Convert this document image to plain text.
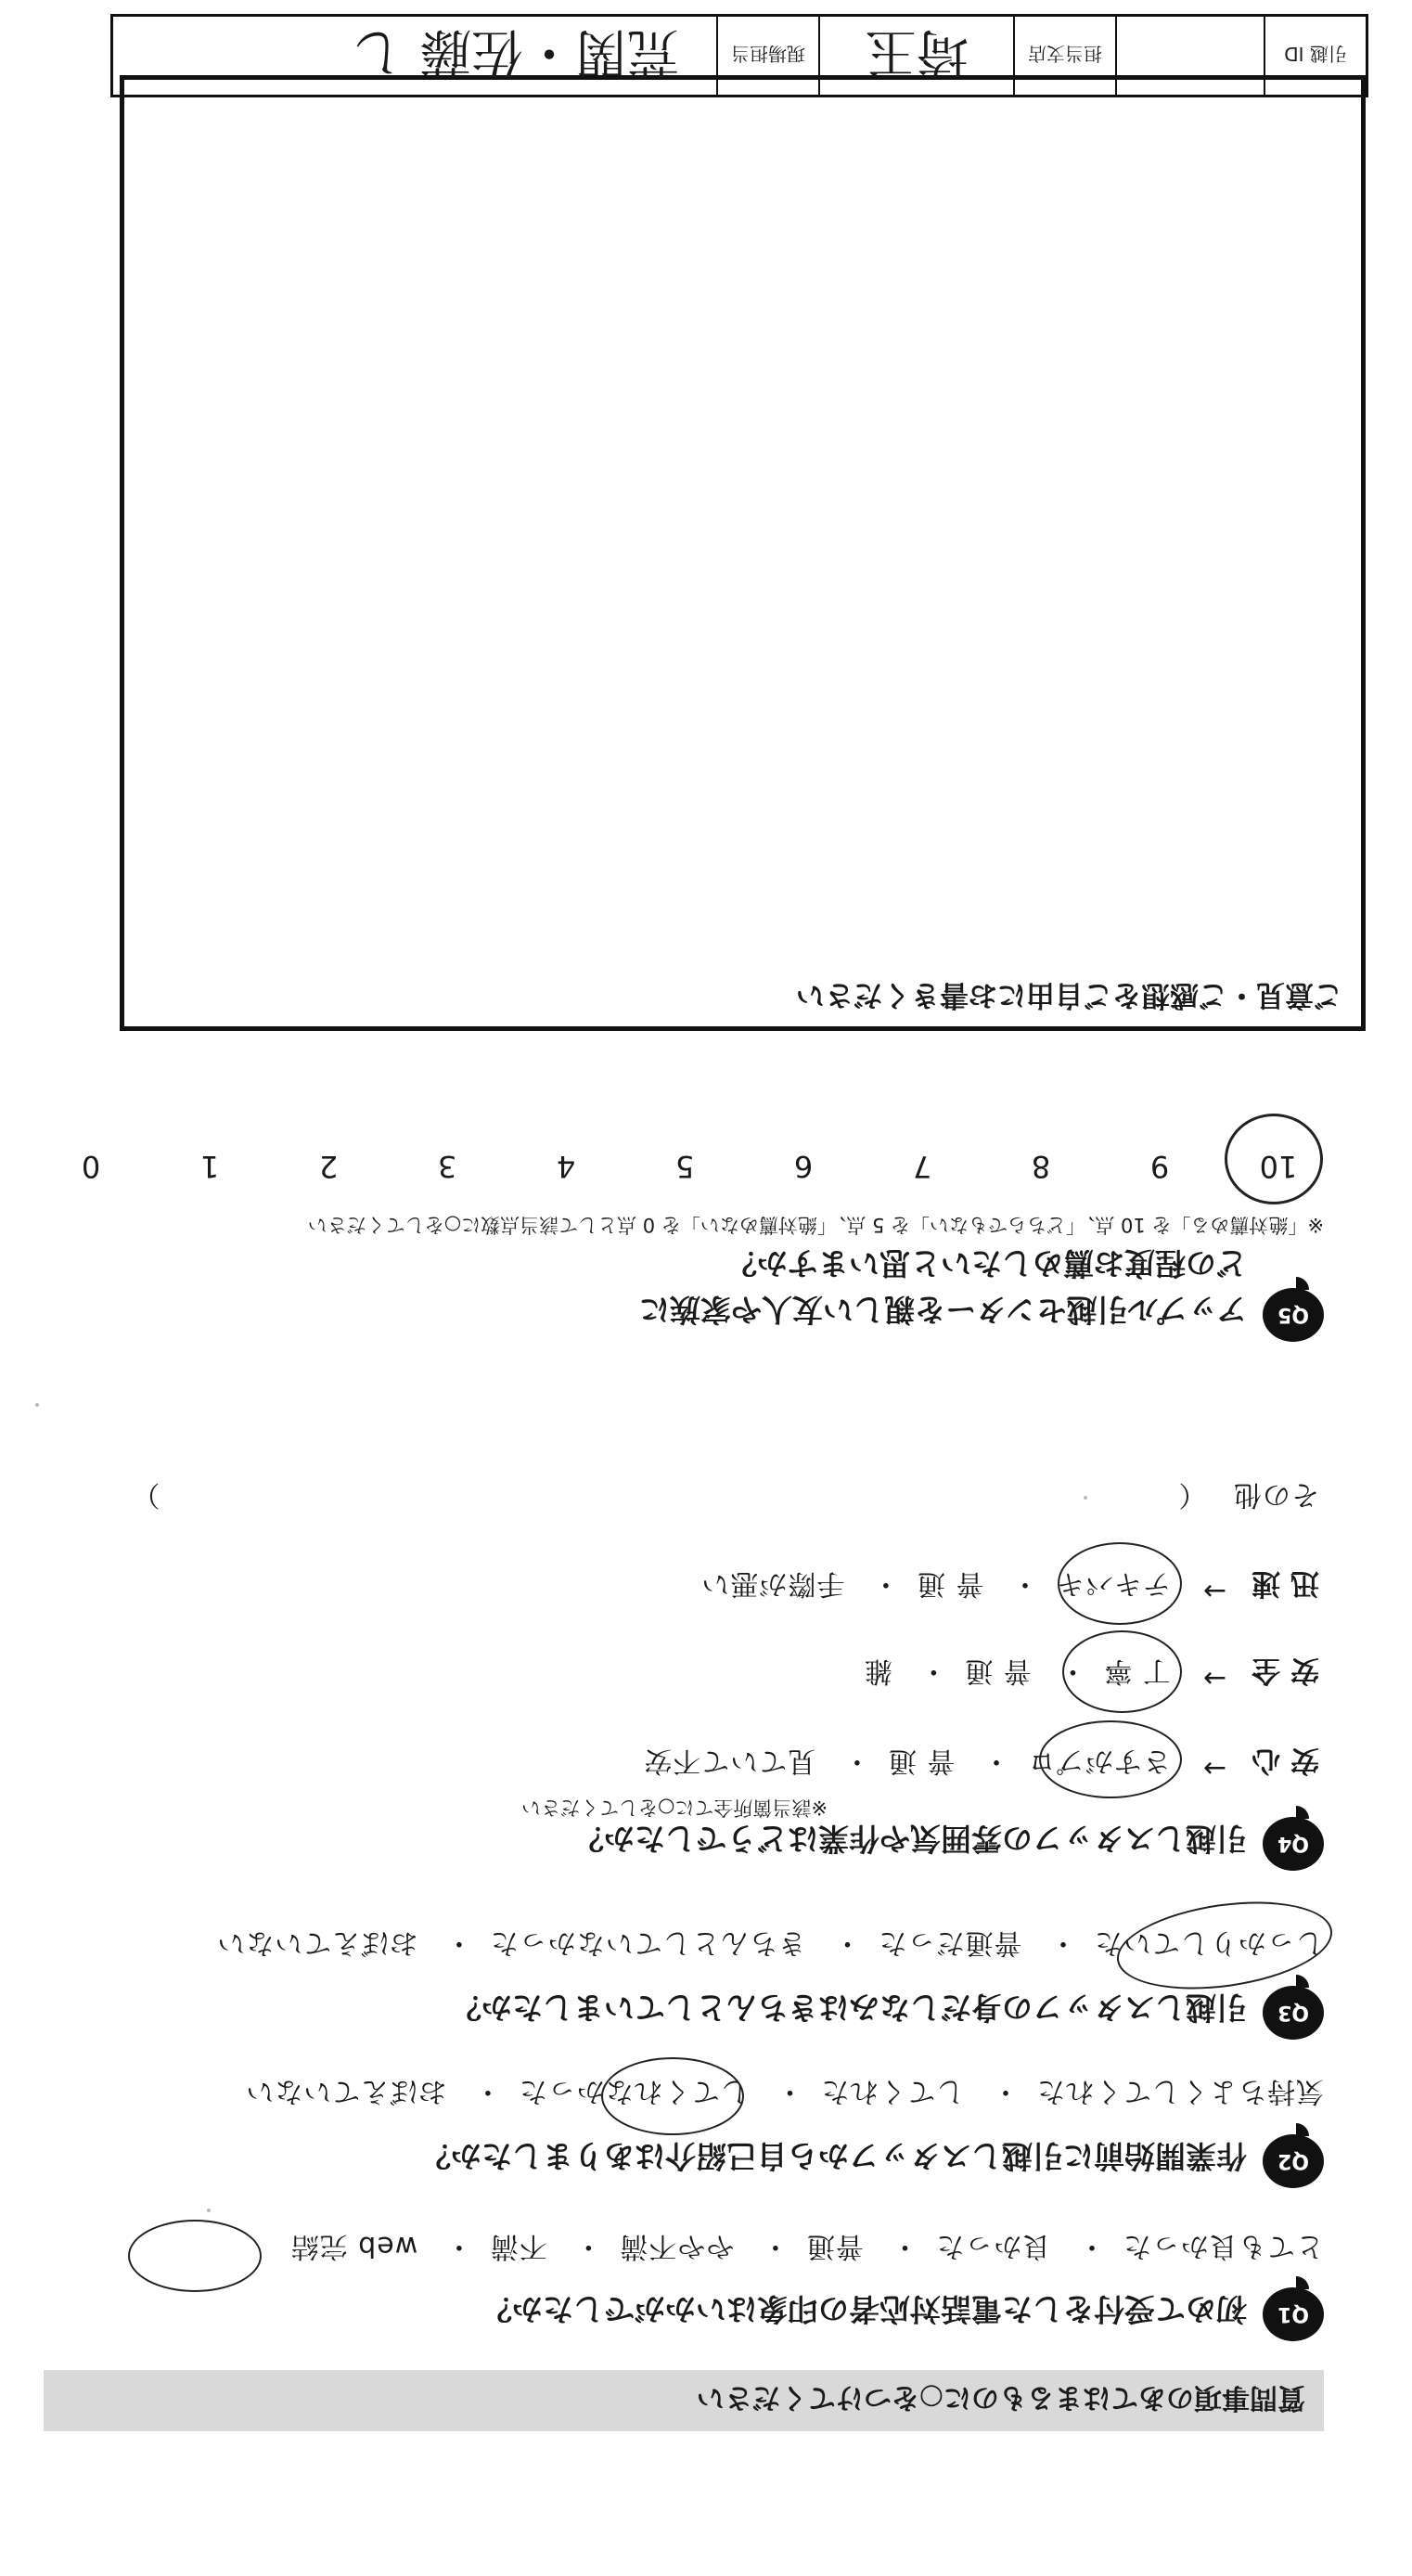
質問事項のあてはまるものに○をつけてください
Q1
初めて受付をした電話対応者の印象はいかがでしたか？
とても良かった・ 良かった・ 普通・ やや不満・ 不満・ web 完結
Q2
作業開始前に引越しスタッフから自己紹介はありましたか？
気持ちよくしてくれた・ してくれた・ してくれなかった・ おぼえていない
Q3
引越しスタッフの身だしなみはきちんとしていましたか？
しっかりしていた・ 普通だった・ きちんとしていなかった・ おぼえていない
Q4
引越しスタッフの雰囲気や作業はどうでしたか？
※該当箇所全てに○をしてください
安 心
→
さすがプロ・ 普 通・ 見ていて不安
安 全
→
丁 寧・ 普 通・ 雑
迅 速
→
テキパキ・ 普 通・ 手際が悪い
その他 （  ）
Q5
アップル引越センターを親しい友人や家族に
どの程度お薦めしたいと思いますか？
※「絶対薦める」を 10 点、「どちらでもない」を 5 点、「絶対薦めない」を 0 点として該当点数に○をしてください
109876543210
ご意見・ご感想をご自由にお書きください
引越 ID
担当支店
埼玉
現場担当
荒関・佐藤 し
